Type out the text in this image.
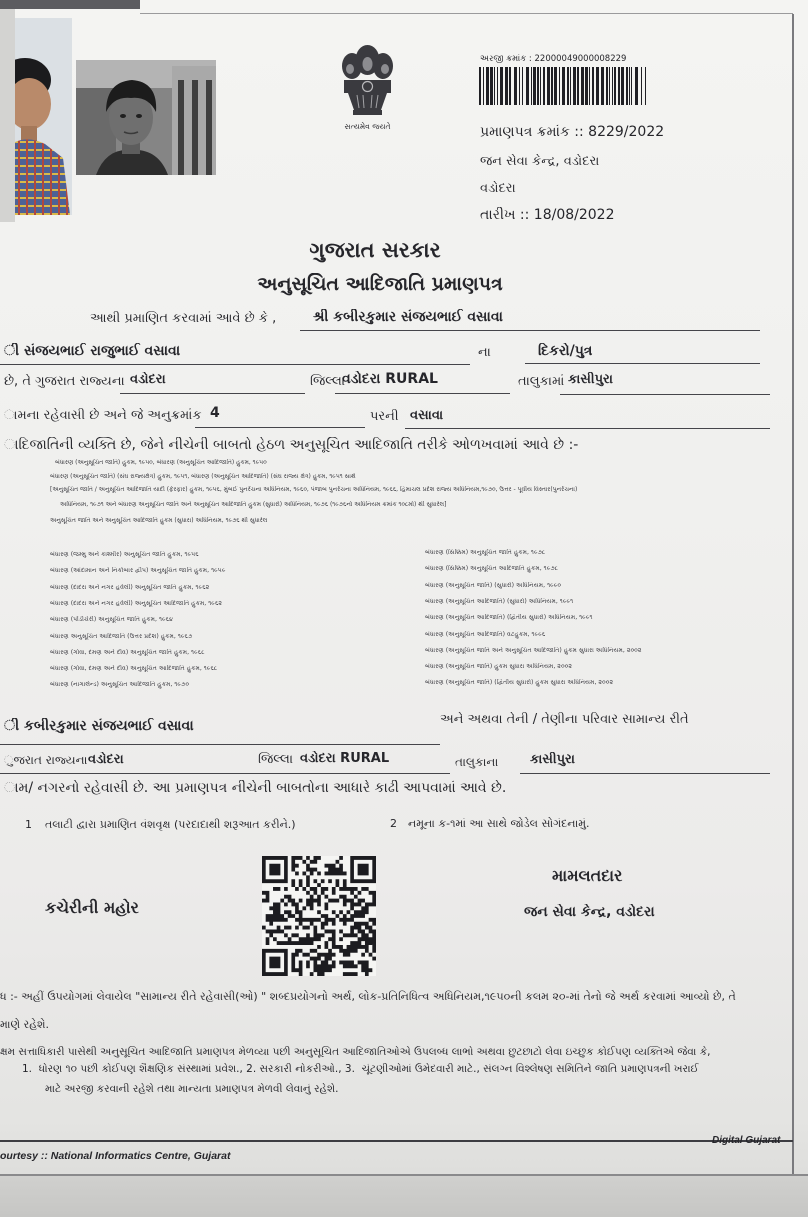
સત્યમેવ જયતે
અરજી ક્રમાંક : 22000049000008229
પ્રમાણપત્ર ક્રમાંક :: 8229/2022
જન સેવા કેન્દ્ર, વડોદરા
વડોદરા
તારીખ :: 18/08/2022
ગુજરાત સરકાર
અનુસૂચિત આદિજાતિ પ્રમાણપત્ર
આથી પ્રમાણિત કરવામાં આવે છે કે ,	શ્રી કબીરકુમાર સંજયભાઈ વસાવા
ી સંજયભાઈ રાજુભાઈ વસાવા	ના	દિકરો/પુત્ર
છે, તે ગુજરાત રાજ્યના વડોદરા	જિલ્લા
વડોદરા RURAL	તાલુકામાં કાસીપુરા
ામના રહેવાસી છે અને જે અનુક્રમાંક 4	પરની વસાવા
ાદિજાતિની વ્યક્તિ છે, જેને નીચેની બાબતો હેઠળ અનુસૂચિત આદિજાતિ તરીકે ઓળખવામાં આવે છે :-
બંધારણ (અનુસૂચિત જાતિ) હુકમ, ૧૯૫૦, બંધારણ (અનુસૂચિત આદિજાતિ) હુકમ, ૧૯૫૦
બંધારણ (અનુસૂચિત જાતિ) (સંઘ રાજ્યક્ષેત્ર) હુકમ, ૧૯૫૧, બંધારણ (અનુસૂચિત આદિજાતિ) (સંઘ રાજ્ય ક્ષેત્ર) હુકમ, ૧૯૫૧ સાથે
[અનુસૂચિત જાતિ / અનુસૂચિત આદિજાતિ યાદી (ફેરફાર) હુકમ, ૧૯૫૬, મુંબઈ પુનર્રચના અધિનિયમ, ૧૯૬૦, પંજાબ પુનર્રચના અધિનિયમ, ૧૯૬૬, હિમાચલ પ્રદેશ રાજ્ય અધિનિયમ,૧૯૭૦, ઉત્તર - પૂર્વીય વિસ્તાર(પુનર્રચના)
અધિનિયમ, ૧૯૭૧ અને બંધારણ અનુસૂચિત જાતિ અને અનુસૂચિત આદિજાતિ હુકમ (સુધારો) અધિનિયમ, ૧૯૭૬ (૧૯૭૬નો અધિનિયમ ક્રમાંક ૧૦૮મો) થી સુધારેલ]
અનુસૂચિત જાતિ અને અનુસૂચિત આદિજાતિ હુકમ (સુધારા) અધિનિયમ, ૧૯૭૬ થી સુધારેલ
બંધારણ (જમ્મુ અને કાશ્મીર) અનુસૂચિત જાતિ હુકમ, ૧૯૫૬
બંધારણ (આંદામાન અને નિકોબાર દ્વીપ) અનુસૂચિત જાતિ હુકમ, ૧૯૫૯
બંધારણ (દાદરા અને નગર હવેલી) અનુસૂચિત જાતિ હુકમ, ૧૯૬૨
બંધારણ (દાદરા અને નગર હવેલી) અનુસૂચિત આદિજાતિ હુકમ, ૧૯૬૨
બંધારણ (પોંડીચેરી) અનુસૂચિત જાતિ હુકમ, ૧૯૬૪
બંધારણ અનુસૂચિત આદિજાતિ (ઉત્તર પ્રદેશ) હુકમ, ૧૯૬૭
બંધારણ (ગોવા, દમણ અને દીવ) અનુસૂચિત જાતિ હુકમ, ૧૯૬૮
બંધારણ (ગોવા, દમણ અને દીવ) અનુસૂચિત આદિજાતિ હુકમ, ૧૯૬૮
બંધારણ (નાગાલેન્ડ) અનુસૂચિત આદિજાતિ હુકમ, ૧૯૭૦
બંધારણ (સિક્કિમ) અનુસૂચિત જાતિ હુકમ, ૧૯૭૮
બંધારણ (સિક્કિમ) અનુસૂચિત આદિજાતિ હુકમ, ૧૯૭૮
બંધારણ (અનુસૂચિત જાતિ) (સુધારો) અધિનિયમ, ૧૯૯૦
બંધારણ (અનુસૂચિત આદિજાતિ) (સુધારો) અધિનિયમ, ૧૯૯૧
બંધારણ (અનુસૂચિત આદિજાતિ) (દ્વિતીય સુધારો) અધિનિયમ, ૧૯૯૧
બંધારણ (અનુસૂચિત આદિજાતિ) વટહુકમ, ૧૯૯૬
બંધારણ (અનુસૂચિત જાતિ અને અનુસૂચિત આદિજાતિ) હુકમ સુધારા અધિનિયમ, ૨૦૦૨
બંધારણ (અનુસૂચિત જાતિ) હુકમ સુધારા અધિનિયમ, ૨૦૦૨
બંધારણ (અનુસૂચિત જાતિ) (દ્વિતીય સુધારો) હુકમ સુધારા અધિનિયમ, ૨૦૦૨
ી કબીરકુમાર સંજયભાઈ વસાવા	અને અથવા તેની / તેણીના પરિવાર સામાન્ય રીતે
ુજરાત રાજ્યના વડોદરા	જિલ્લા વડોદરા RURAL	તાલુકાના	કાસીપુરા
ામ/ નગરનો રહેવાસી છે. આ પ્રમાણપત્ર નીચેની બાબતોના આધારે કાઢી આપવામાં આવે છે.
1	તલાટી દ્વારા પ્રમાણિત વંશવૃક્ષ (પરદાદાથી શરૂઆત કરીને.)	2	નમૂના ક-૧માં આ સાથે જોડેલ સોગંદનામું.
મામલતદાર
જન સેવા કેન્દ્ર, વડોદરા
કચેરીની મહોર
ધ :- અહીં ઉપયોગમાં લેવાયેલ "સામાન્ય રીતે રહેવાસી(ઓ) " શબ્દપ્રયોગનો અર્થ, લોક-પ્રતિનિધિત્વ અધિનિયમ,૧૯૫૦ની કલમ ૨૦-માં તેનો જે અર્થ કરવામાં આવ્યો છે, તે
માણે રહેશે.
ક્ષમ સત્તાધિકારી પાસેથી અનુસૂચિત આદિજાતિ પ્રમાણપત્ર મેળવ્યા પછી અનુસૂચિત આદિજાતિઓએ ઉપલબ્ધ લાભો અથવા છુટછાટો લેવા ઇચ્છુક કોઈપણ વ્યક્તિએ જેવા કે,
1.  ધોરણ ૧૦ પછી કોઈપણ શૈક્ષણિક સંસ્થામાં પ્રવેશ., 2. સરકારી નોકરીઓ., 3.  ચૂંટણીઓમાં ઉમેદવારી માટે., સંલગ્ન વિશ્લેષણ સમિતિને જાતિ પ્રમાણપત્રની ખરાઈ
માટે અરજી કરવાની રહેશે તથા માન્યતા પ્રમાણપત્ર મેળવી લેવાનું રહેશે.
ourtesy :: National Informatics Centre, Gujarat
Digital Gujarat
